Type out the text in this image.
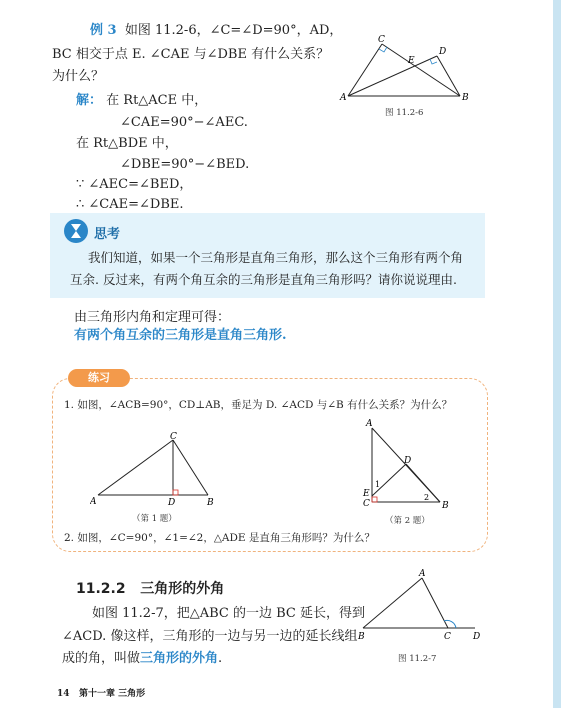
例 3 如图 11.2-6，∠C=∠D=90°，AD，
BC 相交于点 E. ∠CAE 与∠DBE 有什么关系？
为什么？
解： 在 Rt△ACE 中，
∠CAE=90°−∠AEC.
在 Rt△BDE 中，
∠DBE=90°−∠BED.
∵ ∠AEC=∠BED，
∴ ∠CAE=∠DBE.
C
D
E
A	B
图 11.2-6
思考
我们知道，如果一个三角形是直角三角形，那么这个三角形有两个角
互余. 反过来，有两个角互余的三角形是直角三角形吗？请你说说理由.
由三角形内角和定理可得：
有两个角互余的三角形是直角三角形.
练习
1. 如图，∠ACB=90°，CD⊥AB，垂足为 D. ∠ACD 与∠B 有什么关系？为什么？
C
A	D	B
（第 1 题）
A
D
E
C	B
1
2
（第 2 题）
2. 如图，∠C=90°，∠1=∠2，△ADE 是直角三角形吗？为什么？
11.2.2 三角形的外角
如图 11.2-7，把△ABC 的一边 BC 延长，得到
∠ACD. 像这样，三角形的一边与另一边的延长线组
成的角，叫做三角形的外角.
A
B	C D
图 11.2-7
14 第十一章 三角形
